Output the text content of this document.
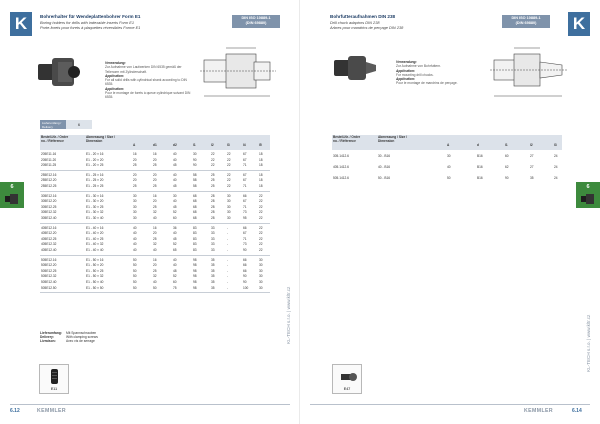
K	Bohrerhalter für Wendeplattenbohrer Form E1
Boring holders for drills with indexable inserts Form E1
Porte-forets pour forets à plaquettes réversibles Forme E1
DIN ISO 10889-1
(DIN 69880)
Verwendung:
Zur Aufnahme von Laufwerken DIN 6535 gemäß der Teilenorm mit Zylinderschaft.
Application:
For all solid drills with cylindrical shank according to DIN 6535.
Application:
Pour le montage de forets à queue cylindrique suivant DIN 6535.
Lieferumfang / Delivery	6
Bestell-Nr. / Order no. / Référence
Abmessung / Size / Dimension
A	d1	d2	l1	l2	l3	l4	l5
205E11.16	E1 - 20 × 16	16	16	40	30	22	22	67	18
205E11.20	E1 - 20 × 20	20	20	40	90	22	22	67	18
205E11.25	E1 - 20 × 25	25	25	45	90	22	22	71	18
255E12.16	E1 - 25 × 16	20	20	40	58	25	22	67	18
255E12.20	E1 - 25 × 20	20	20	40	58	25	22	67	18
255E12.25	E1 - 25 × 25	25	25	45	58	25	22	71	18
305E12.16	E1 - 30 × 16	30	16	30	68	28	30	66	22
305E12.20	E1 - 30 × 20	30	20	40	68	28	30	67	22
305E12.25	E1 - 30 × 25	30	25	45	68	28	30	71	22
305E12.32	E1 - 30 × 32	30	32	52	68	28	30	73	22
305E12.40	E1 - 30 × 40	30	40	60	68	28	30	95	22
405E12.16	E1 - 40 × 16	40	16	36	83	33	-	66	22
405E12.20	E1 - 40 × 20	40	20	40	83	33	-	67	22
405E12.25	E1 - 40 × 25	40	25	45	83	33	-	71	22
405E12.32	E1 - 40 × 32	40	32	52	83	33	-	73	22
405E12.40	E1 - 40 × 40	40	40	65	83	33	-	90	22
505E12.16	E1 - 50 × 16	50	16	40	98	35	-	66	30
505E12.20	E1 - 50 × 20	50	20	40	98	35	-	66	30
505E12.25	E1 - 50 × 25	50	25	48	98	35	-	66	30
505E12.32	E1 - 50 × 32	50	32	52	98	35	-	90	30
505E12.40	E1 - 50 × 40	50	40	60	98	35	-	90	30
505E12.50	E1 - 50 × 50	50	50	75	98	35	-	100	30
Lieferumfang: Mit Spannschrauben
Delivery:	With clamping screws
Livraison:	Avec vis de serrage
E11
6.12	KEMMLER
6
KL-TECH s.r.o. | www.kltr.cz
Bohrfutteraufnahmen DIN 238
Drill chuck adaptors DIN 238
Arbres pour mandrins de perçage DIN 238
DIN ISO 10889-1
(DIN 69880)	K
Verwendung:
Zur Aufnahme von Bohrfuttern.
Application:
For mounting drill chucks.
Application:
Pour le montage de mandrins de perçage.
Bestell-Nr. / Order no. / Référence
Abmessung / Size / Dimension
A	d	l1	l2	l3
305.1412.6	30 - B16	30	B16	60	27	24
405.1412.6	40 - B16	40	B16	62	27	24
505.1412.6	50 - B16	50	B16	90	35	24
E47
KEMMLER	6.14
6
KL-TECH s.r.o. | www.kltr.cz
